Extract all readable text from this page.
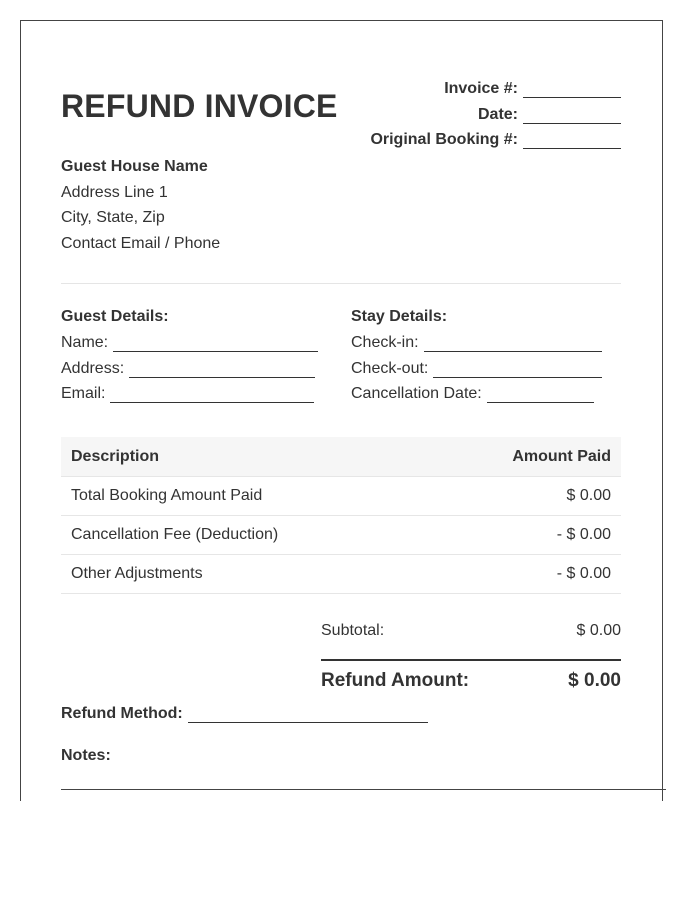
REFUND INVOICE	Invoice #:
Date:
Original Booking #:
Guest House Name
Address Line 1
City, State, Zip
Contact Email / Phone
Guest Details:
Name:
Address:
Email:
Stay Details:
Check-in:
Check-out:
Cancellation Date:
Description	Amount Paid
Total Booking Amount Paid	$ 0.00
Cancellation Fee (Deduction)	- $ 0.00
Other Adjustments	- $ 0.00
Subtotal:	$ 0.00
Refund Amount:	$ 0.00
Refund Method:
Notes:
